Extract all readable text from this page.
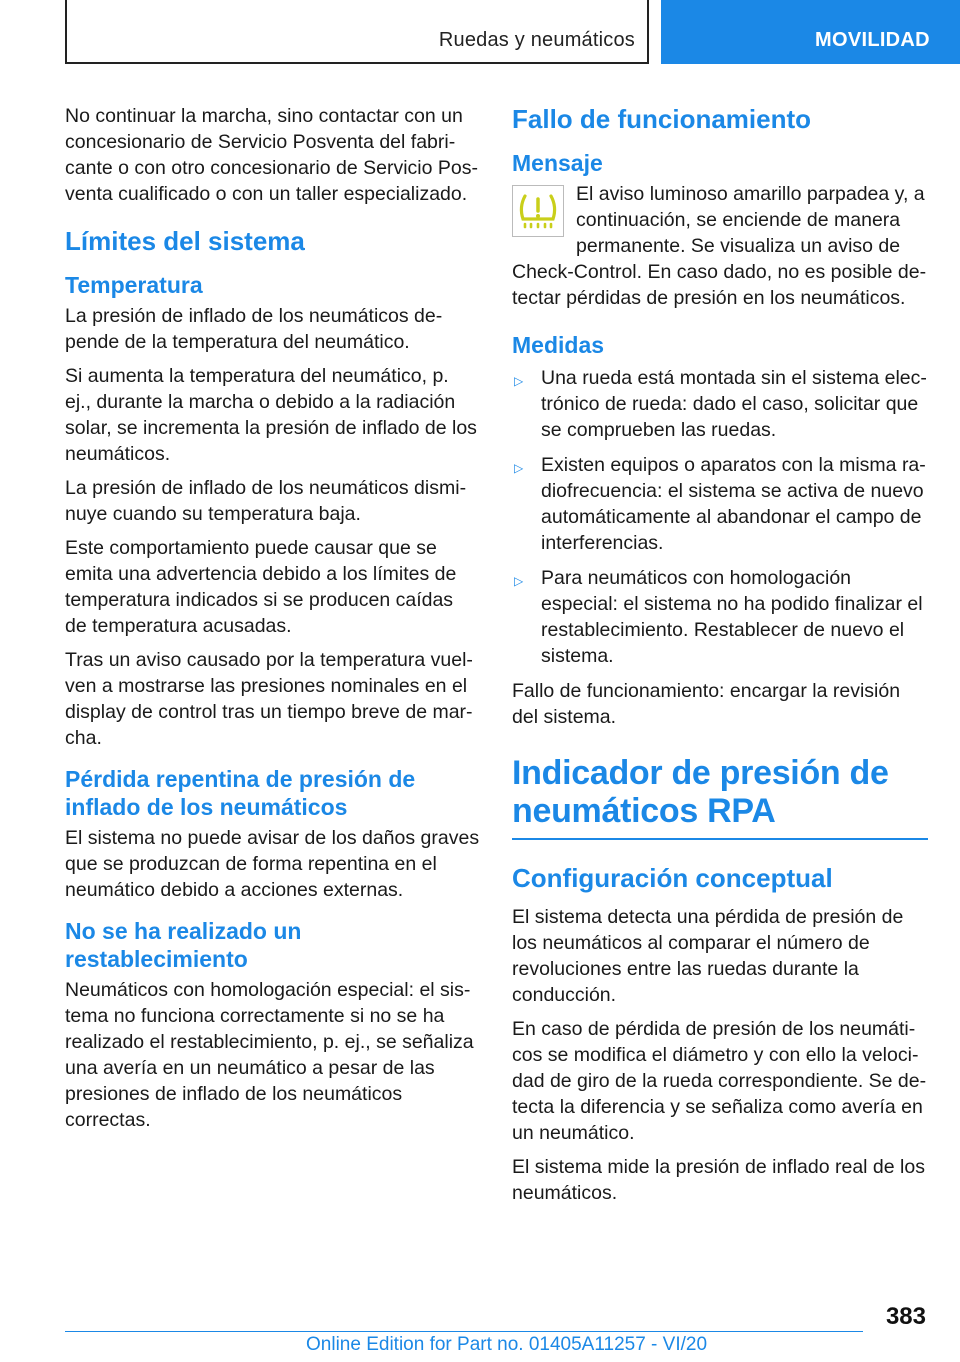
Ruedas y neumáticos	MOVILIDAD

No continuar la marcha, sino contactar con un concesionario de Servicio Posventa del fabricante o con otro concesionario de Servicio Posventa cualificado o con un taller especializado.

Límites del sistema
Temperatura

La presión de inflado de los neumáticos depende de la temperatura del neumático.

Si aumenta la temperatura del neumático, p. ej., durante la marcha o debido a la radiación solar, se incrementa la presión de inflado de los neumáticos.

La presión de inflado de los neumáticos disminuye cuando su temperatura baja.

Este comportamiento puede causar que se emita una advertencia debido a los límites de temperatura indicados si se producen caídas de temperatura acusadas.

Tras un aviso causado por la temperatura vuelven a mostrarse las presiones nominales en el display de control tras un tiempo breve de marcha.

Pérdida repentina de presión de inflado de los neumáticos

El sistema no puede avisar de los daños graves que se produzcan de forma repentina en el neumático debido a acciones externas.

No se ha realizado un restablecimiento

Neumáticos con homologación especial: el sistema no funciona correctamente si no se ha realizado el restablecimiento, p. ej., se señaliza una avería en un neumático a pesar de las presiones de inflado de los neumáticos correctas.

Fallo de funcionamiento
Mensaje

El aviso luminoso amarillo parpadea y, a continuación, se enciende de manera permanente. Se visualiza un aviso de Check-Control. En caso dado, no es posible detectar pérdidas de presión en los neumáticos.

Medidas
▷ Una rueda está montada sin el sistema electrónico de rueda: dado el caso, solicitar que se comprueben las ruedas.
▷ Existen equipos o aparatos con la misma radiofrecuencia: el sistema se activa de nuevo automáticamente al abandonar el campo de interferencias.
▷ Para neumáticos con homologación especial: el sistema no ha podido finalizar el restablecimiento. Restablecer de nuevo el sistema.

Fallo de funcionamiento: encargar la revisión del sistema.

Indicador de presión de neumáticos RPA
Configuración conceptual

El sistema detecta una pérdida de presión de los neumáticos al comparar el número de revoluciones entre las ruedas durante la conducción.

En caso de pérdida de presión de los neumáticos se modifica el diámetro y con ello la velocidad de giro de la rueda correspondiente. Se detecta la diferencia y se señaliza como avería en un neumático.

El sistema mide la presión de inflado real de los neumáticos.

383
Online Edition for Part no. 01405A11257 - VI/20
